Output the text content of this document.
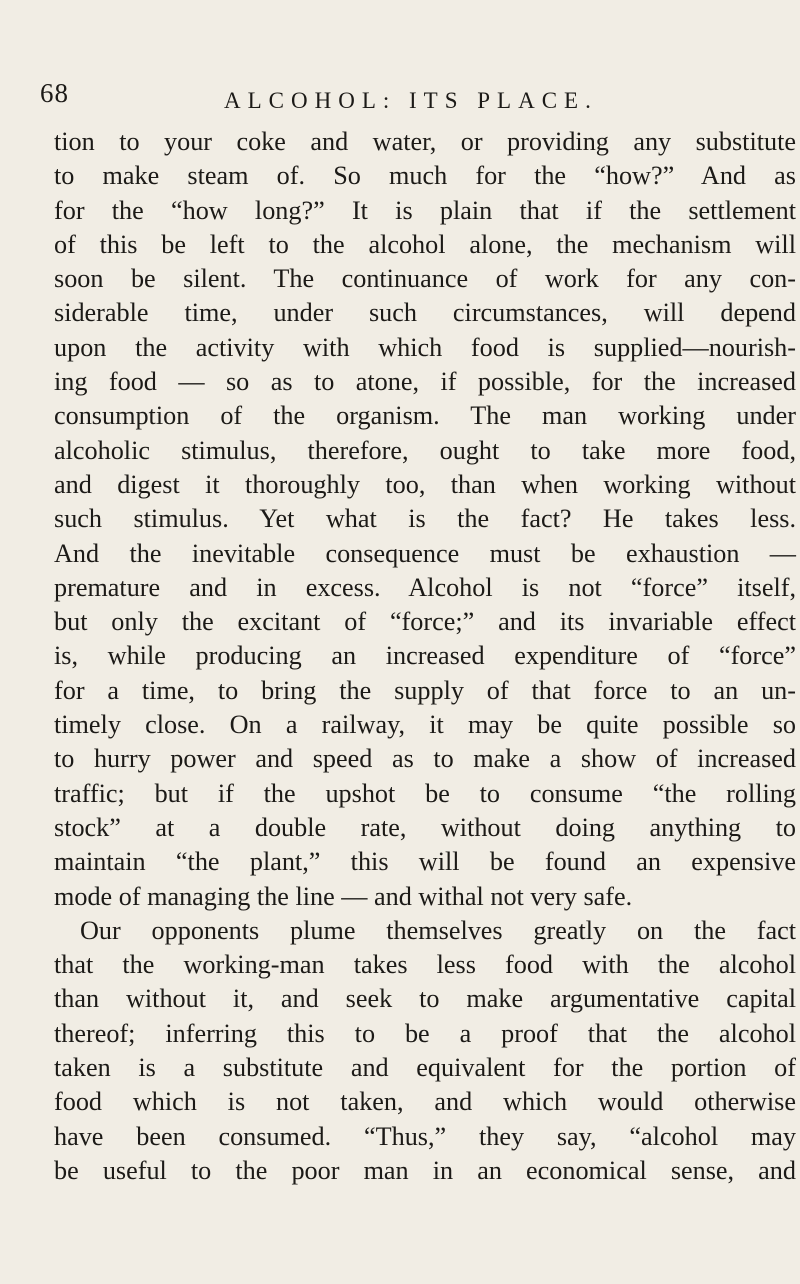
68	ALCOHOL: ITS PLACE.
tion to your coke and water, or providing any substitute
to make steam of. So much for the “how?” And as
for the “how long?” It is plain that if the settlement
of this be left to the alcohol alone, the mechanism will
soon be silent. The continuance of work for any con-
siderable time, under such circumstances, will depend
upon the activity with which food is supplied—nourish-
ing food — so as to atone, if possible, for the increased
consumption of the organism. The man working under
alcoholic stimulus, therefore, ought to take more food,
and digest it thoroughly too, than when working without
such stimulus. Yet what is the fact? He takes less.
And the inevitable consequence must be exhaustion —
premature and in excess. Alcohol is not “force” itself,
but only the excitant of “force;” and its invariable effect
is, while producing an increased expenditure of “force”
for a time, to bring the supply of that force to an un-
timely close. On a railway, it may be quite possible so
to hurry power and speed as to make a show of increased
traffic; but if the upshot be to consume “the rolling
stock” at a double rate, without doing anything to
maintain “the plant,” this will be found an expensive
mode of managing the line — and withal not very safe.
Our opponents plume themselves greatly on the fact
that the working-man takes less food with the alcohol
than without it, and seek to make argumentative capital
thereof; inferring this to be a proof that the alcohol
taken is a substitute and equivalent for the portion of
food which is not taken, and which would otherwise
have been consumed. “Thus,” they say, “alcohol may
be useful to the poor man in an economical sense, and
